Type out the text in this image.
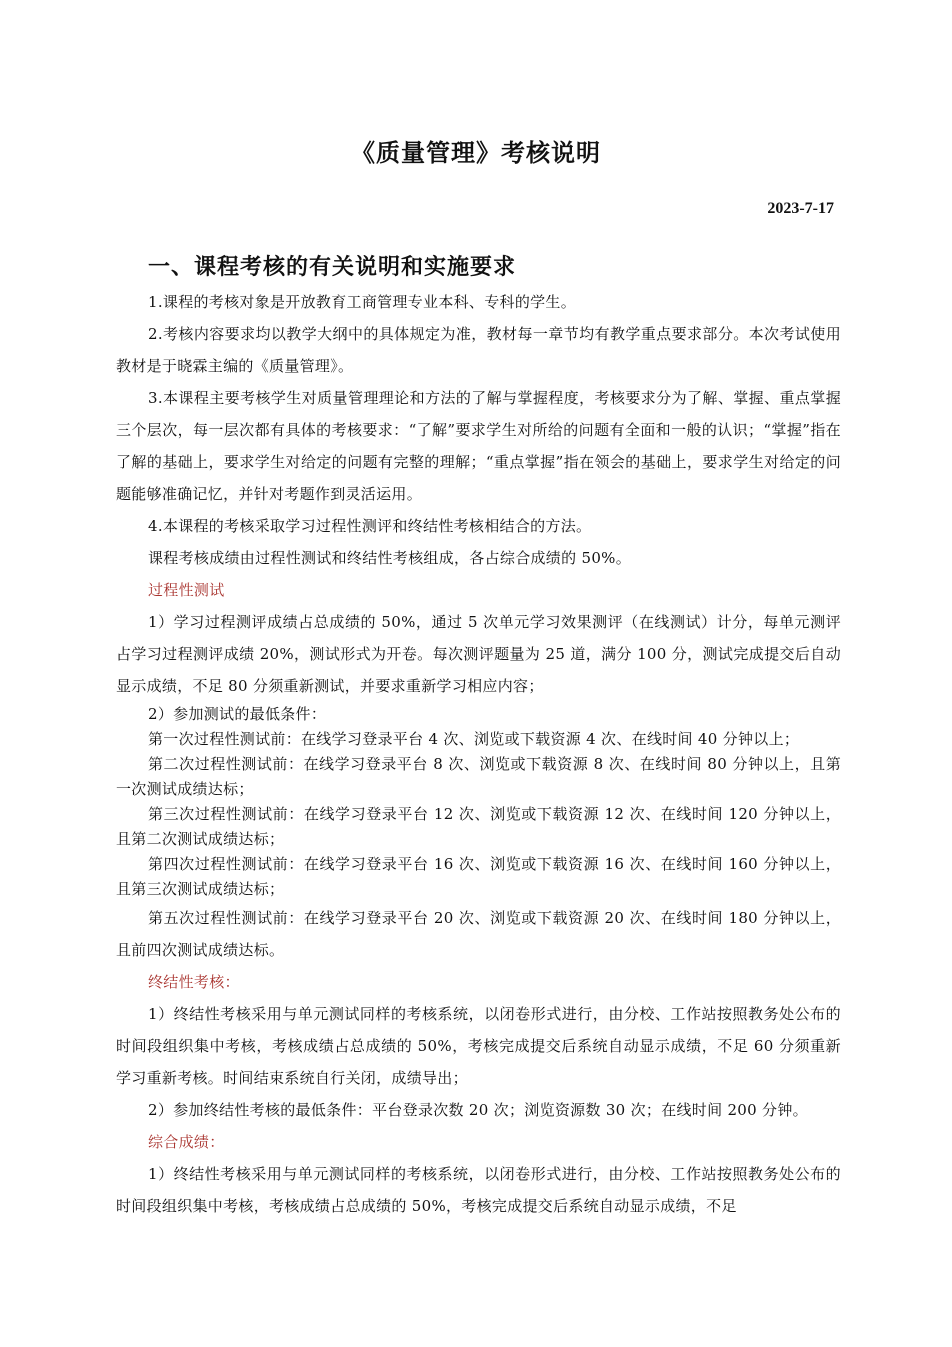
《质量管理》考核说明
2023-7-17
一、课程考核的有关说明和实施要求

1.课程的考核对象是开放教育工商管理专业本科、专科的学生。

2.考核内容要求均以教学大纲中的具体规定为准，教材每一章节均有教学重点要求部分。本次考试使用教材是于晓霖主编的《质量管理》。

3.本课程主要考核学生对质量管理理论和方法的了解与掌握程度，考核要求分为了解、掌握、重点掌握三个层次，每一层次都有具体的考核要求：“了解”要求学生对所给的问题有全面和一般的认识；“掌握”指在了解的基础上，要求学生对给定的问题有完整的理解；“重点掌握”指在领会的基础上，要求学生对给定的问题能够准确记忆，并针对考题作到灵活运用。

4.本课程的考核采取学习过程性测评和终结性考核相结合的方法。

课程考核成绩由过程性测试和终结性考核组成，各占综合成绩的 50%。

过程性测试

1）学习过程测评成绩占总成绩的 50%，通过 5 次单元学习效果测评（在线测试）计分，每单元测评占学习过程测评成绩 20%，测试形式为开卷。每次测评题量为 25 道，满分 100 分，测试完成提交后自动显示成绩，不足 80 分须重新测试，并要求重新学习相应内容；

2）参加测试的最低条件：

第一次过程性测试前：在线学习登录平台 4 次、浏览或下载资源 4 次、在线时间 40 分钟以上；

第二次过程性测试前：在线学习登录平台 8 次、浏览或下载资源 8 次、在线时间 80 分钟以上，且第一次测试成绩达标；

第三次过程性测试前：在线学习登录平台 12 次、浏览或下载资源 12 次、在线时间 120 分钟以上，且第二次测试成绩达标；

第四次过程性测试前：在线学习登录平台 16 次、浏览或下载资源 16 次、在线时间 160 分钟以上，且第三次测试成绩达标；

第五次过程性测试前：在线学习登录平台 20 次、浏览或下载资源 20 次、在线时间 180 分钟以上，且前四次测试成绩达标。

终结性考核：

1）终结性考核采用与单元测试同样的考核系统，以闭卷形式进行，由分校、工作站按照教务处公布的时间段组织集中考核，考核成绩占总成绩的 50%，考核完成提交后系统自动显示成绩，不足 60 分须重新学习重新考核。时间结束系统自行关闭，成绩导出；

2）参加终结性考核的最低条件：平台登录次数 20 次；浏览资源数 30 次；在线时间 200 分钟。

综合成绩：

1）终结性考核采用与单元测试同样的考核系统，以闭卷形式进行，由分校、工作站按照教务处公布的时间段组织集中考核，考核成绩占总成绩的 50%，考核完成提交后系统自动显示成绩，不足
